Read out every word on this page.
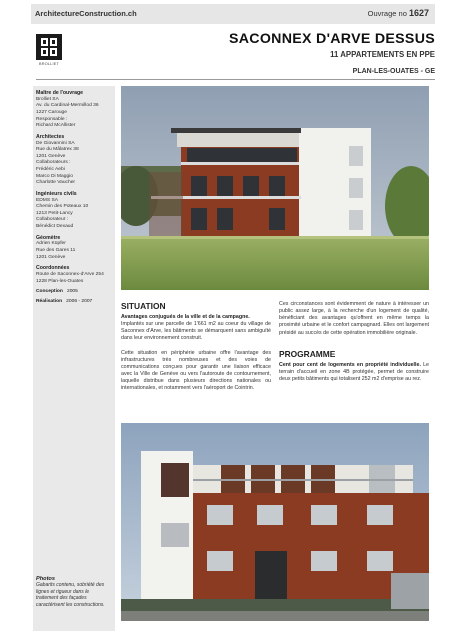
ArchitectureConstruction.ch	Ouvrage no 1627
BROLLIET
SACONNEX D'ARVE DESSUS
11 APPARTEMENTS EN PPE
PLAN-LES-OUATES - GE
Maître de l'ouvrage
Brolliet SA
Av. du Cardinal-Mermillod 36
1227 Carouge
Responsable :
Richard McAllister
Architectes
De Giovannini SA
Rue du Mâlatrex 38
1201 Genève
Collaborateurs :
Frédéric Aebi
Marco Di Maggio
Charlotte Vaucher
Ingénieurs civils
EDMS SA
Chemin des Poteaux 10
1213 Petit-Lancy
Collaborateur :
Bénédict Dexaud
Géomètre
Adrien Küpfer
Rue des Gares 11
1201 Genève
Coordonnées
Route de Saconnex-d'Arve 254
1228 Plan-les-Ouates
Conception 2005
Réalisation 2006 - 2007
Photos
Gabarits contenu, sobriété des lignes et rigueur dans le traitement des façades caractérisent les constructions.
SITUATION
Avantages conjugués de la ville et de la campagne.
Implantés sur une parcelle de 1'661 m2 au coeur du village de Saconnex d'Arve, les bâtiments se démarquent sans ambiguïté dans leur environnement construit.
Cette situation en périphérie urbaine offre l'avantage des infrastructures très nombreuses et des voies de communications conçues pour garantir une liaison efficace avec la Ville de Genève ou vers l'autoroute de contournement, laquelle distribue dans plusieurs directions nationales ou internationales, et notamment vers l'aéroport de Cointrin.
Ces circonstances sont évidemment de nature à intéresser un public assez large, à la recherche d'un logement de qualité, bénéficiant des avantages qu'offrent en même temps la proximité urbaine et le confort campagnard. Elles ont largement présidé au succès de cette opération immobilière originale.
PROGRAMME
Cent pour cent de logements en propriété individuelle. Le terrain d'accueil en zone 4B protégée, permet de construire deux petits bâtiments qui totalisent 252 m2 d'emprise au rez.
